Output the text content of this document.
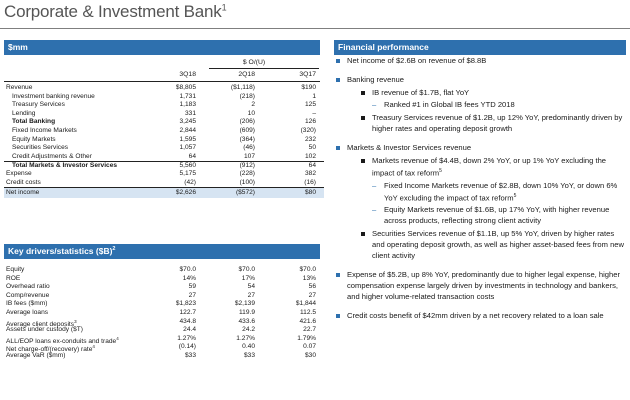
Corporate & Investment Bank$^1$
$mm
$ O/(U)
3Q18	2Q18	3Q17
Revenue	$8,805	($1,118)	$190
Investment banking revenue	1,731	(218)	1
Treasury Services	1,183	2	125
Lending	331	10	–
Total Banking	3,245	(206)	126
Fixed Income Markets	2,844	(609)	(320)
Equity Markets	1,595	(364)	232
Securities Services	1,057	(46)	50
Credit Adjustments & Other	64	107	102
Total Markets & Investor Services	5,560	(912)	64
Expense	5,175	(228)	382
Credit costs	(42)	(100)	(16)
Net income	$2,626	($572)	$80
Key drivers/statistics ($B)$^2$
Equity	$70.0	$70.0	$70.0
ROE	14%	17%	13%
Overhead ratio	59	54	56
Comp/revenue	27	27	27
IB fees ($mm)	$1,823	$2,139	$1,844
Average loans	122.7	119.9	112.5
Average client deposits$^3$	434.8	433.6	421.6
Assets under custody ($T)	24.4	24.2	22.7
ALL/EOP loans ex-conduits and trade$^4$	1.27%	1.27%	1.79%
Net charge-off/(recovery) rate$^4$	(0.14)	0.40	0.07
Average VaR ($mm)	$33	$33	$30
Financial performance
Net income of $2.6B on revenue of $8.8B
Banking revenue
IB revenue of $1.7B, flat YoY
– Ranked #1 in Global IB fees YTD 2018
Treasury Services revenue of $1.2B, up 12% YoY, predominantly driven by higher rates and operating deposit growth
Markets & Investor Services revenue
Markets revenue of $4.4B, down 2% YoY, or up 1% YoY excluding the impact of tax reform$^5$
– Fixed Income Markets revenue of $2.8B, down 10% YoY, or down 6% YoY excluding the impact of tax reform$^5$
– Equity Markets revenue of $1.6B, up 17% YoY, with higher revenue across products, reflecting strong client activity
Securities Services revenue of $1.1B, up 5% YoY, driven by higher rates and operating deposit growth, as well as higher asset-based fees from new client activity
Expense of $5.2B, up 8% YoY, predominantly due to higher legal expense, higher compensation expense largely driven by investments in technology and bankers, and higher volume-related transaction costs
Credit costs benefit of $42mm driven by a net recovery related to a loan sale
